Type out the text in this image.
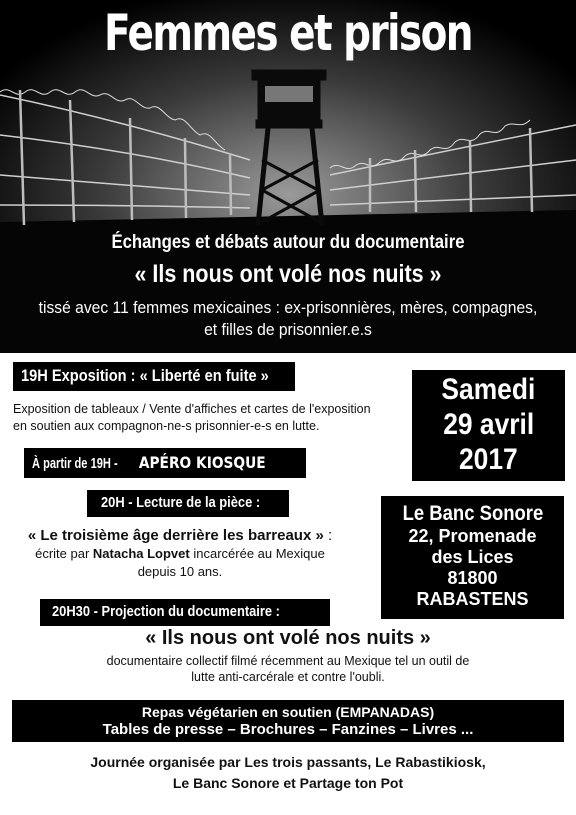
Femmes et prison
Échanges et débats autour du documentaire
« Ils nous ont volé nos nuits »
tissé avec 11 femmes mexicaines : ex-prisonnières, mères, compagnes,
et filles de prisonnier.e.s
19H Exposition : « Liberté en fuite »
Exposition de tableaux / Vente d'affiches et cartes de l'exposition
en soutien aux compagnon-ne-s prisonnier-e-s en lutte.
À partir de 19H - APÉRO KIOSQUE
20H - Lecture de la pièce :
« Le troisième âge derrière les barreaux » :
écrite par Natacha Lopvet incarcérée au Mexique
depuis 10 ans.
20H30 - Projection du documentaire :
« Ils nous ont volé nos nuits »
documentaire collectif filmé récemment au Mexique tel un outil de
lutte anti-carcérale et contre l'oubli.
Samedi
29 avril
2017
Le Banc Sonore
22, Promenade
des Lices
81800
RABASTENS
Repas végétarien en soutien (EMPANADAS)
Tables de presse – Brochures – Fanzines – Livres ...
Journée organisée par Les trois passants, Le Rabastikiosk,
Le Banc Sonore et Partage ton Pot
